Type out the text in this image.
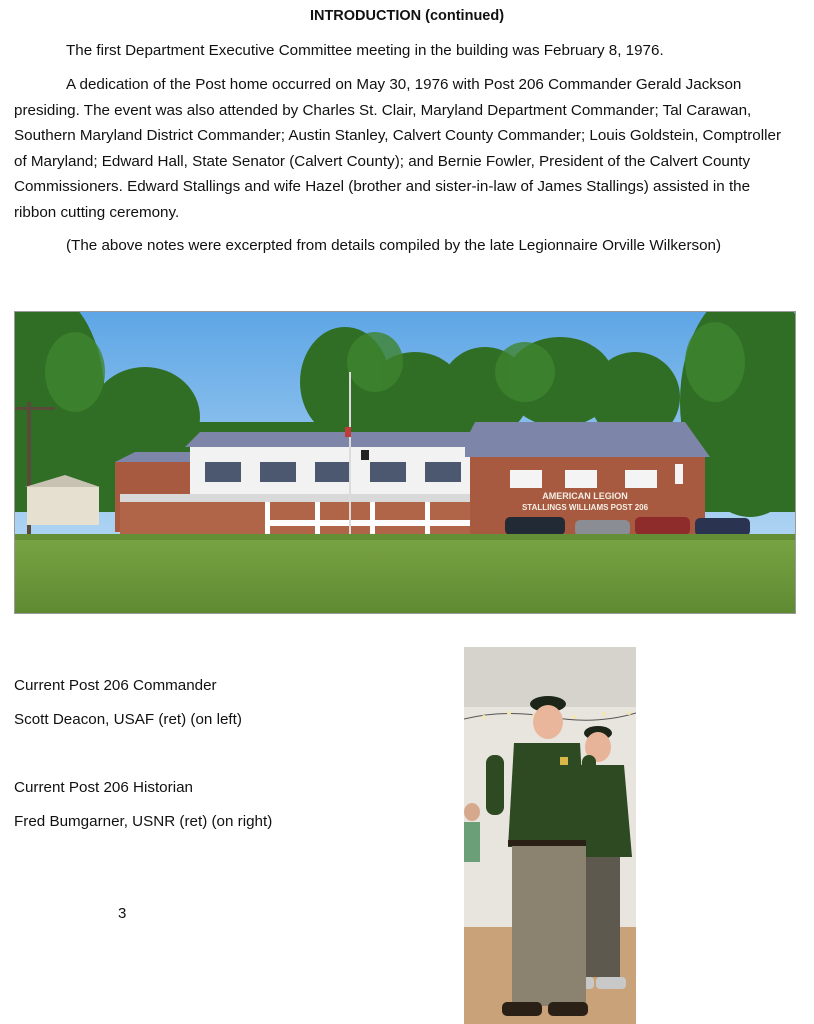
INTRODUCTION (continued)

The first Department Executive Committee meeting in the building was February 8, 1976.

A dedication of the Post home occurred on May 30, 1976 with Post 206 Commander Gerald Jackson presiding. The event was also attended by Charles St. Clair, Maryland Department Commander; Tal Carawan, Southern Maryland District Commander; Austin Stanley, Calvert County Commander; Louis Goldstein, Comptroller of Maryland; Edward Hall, State Senator (Calvert County); and Bernie Fowler, President of the Calvert County Commissioners. Edward Stallings and wife Hazel (brother and sister-in-law of James Stallings) assisted in the ribbon cutting ceremony.

(The above notes were excerpted from details compiled by the late Legionnaire Orville Wilkerson)

AMERICAN LEGION
STALLINGS WILLIAMS POST 206
Current Post 206 Commander
Scott Deacon, USAF (ret) (on left)
Current Post 206 Historian
Fred Bumgarner, USNR (ret) (on right)
3
